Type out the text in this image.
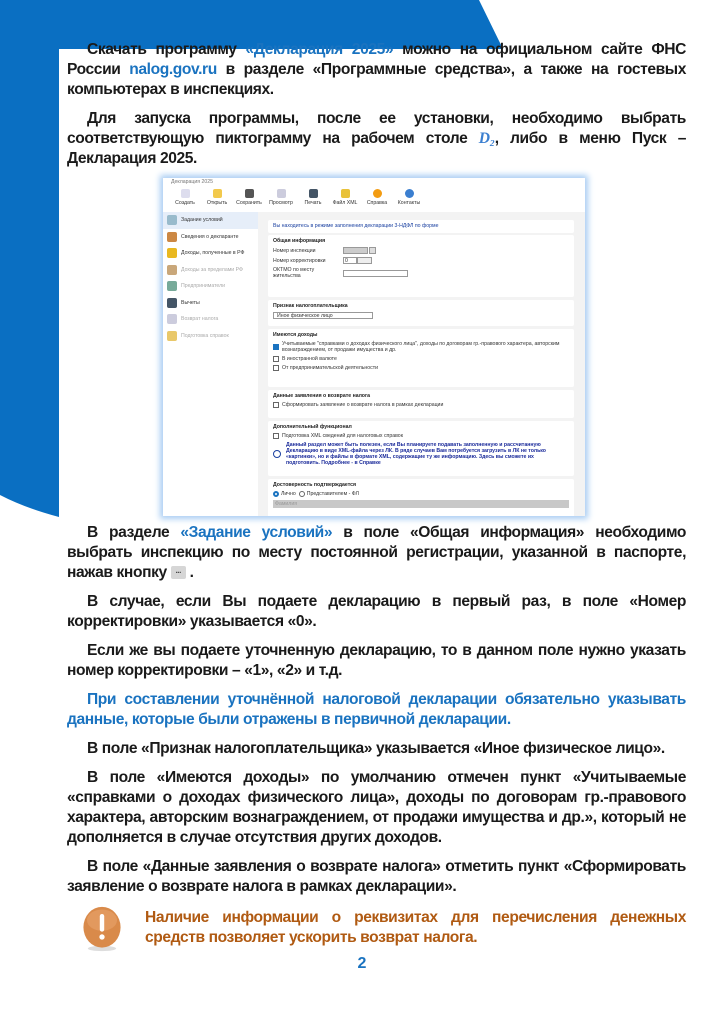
Скачать программу «Декларация 2025» можно на официальном сайте ФНС России nalog.gov.ru в разделе «Программные средства», а также на гостевых компьютерах в инспекциях.

Для запуска программы, после ее установки, необходимо выбрать соответствующую пиктограмму на рабочем столе D₂, либо в меню Пуск – Декларация 2025.

Декларация 2025
Создать	Открыть	Сохранить	Просмотр	Печать	Файл XML	Справка	Контакты
Задание условий
Сведения о декларанте
Доходы, полученные в РФ
Доходы за пределами РФ
Предприниматели
Вычеты
Возврат налога
Подготовка справок
Вы находитесь в режиме заполнения декларации 3-НДФЛ по форме
Общая информация
Номер инспекции
Номер корректировки	0
ОКТМО по месту жительства
Признак налогоплательщика
Иное физическое лицо
Имеются доходы
Учитываемые "справками о доходах физического лица", доходы по договорам гр.-правового характера, авторским вознаграждением, от продажи имущества и др.
В иностранной валюте
От предпринимательской деятельности
Данные заявления о возврате налога
Сформировать заявление о возврате налога в рамках декларации
Дополнительный функционал
Подготовка XML сведений для налоговых справок
Данный раздел может быть полезен, если Вы планируете подавать заполненную и рассчитанную Декларацию в виде XML-файла через ЛК. В ряде случаев Вам потребуется загрузить в ЛК не только «картинки», но и файлы в формате XML, содержащие ту же информацию. Здесь вы сможете их подготовить. Подробнее - в Справке
Достоверность подтверждается
Лично Представителем - ФЛ
Фамилия

В разделе «Задание условий» в поле «Общая информация» необходимо выбрать инспекцию по месту постоянной регистрации, указанной в паспорте, нажав кнопку ... .

В случае, если Вы подаете декларацию в первый раз, в поле «Номер корректировки» указывается «0».

Если же вы подаете уточненную декларацию, то в данном поле нужно указать номер корректировки – «1», «2» и т.д.

При составлении уточнённой налоговой декларации обязательно указывать данные, которые были отражены в первичной декларации.

В поле «Признак налогоплательщика» указывается «Иное физическое лицо».

В поле «Имеются доходы» по умолчанию отмечен пункт «Учитываемые «справками о доходах физического лица», доходы по договорам гр.-правового характера, авторским вознаграждением, от продажи имущества и др.», который не дополняется в случае отсутствия других доходов.

В поле «Данные заявления о возврате налога» отметить пункт «Сформировать заявление о возврате налога в рамках декларации».

Наличие информации о реквизитах для перечисления денежных средств позволяет ускорить возврат налога.
2
